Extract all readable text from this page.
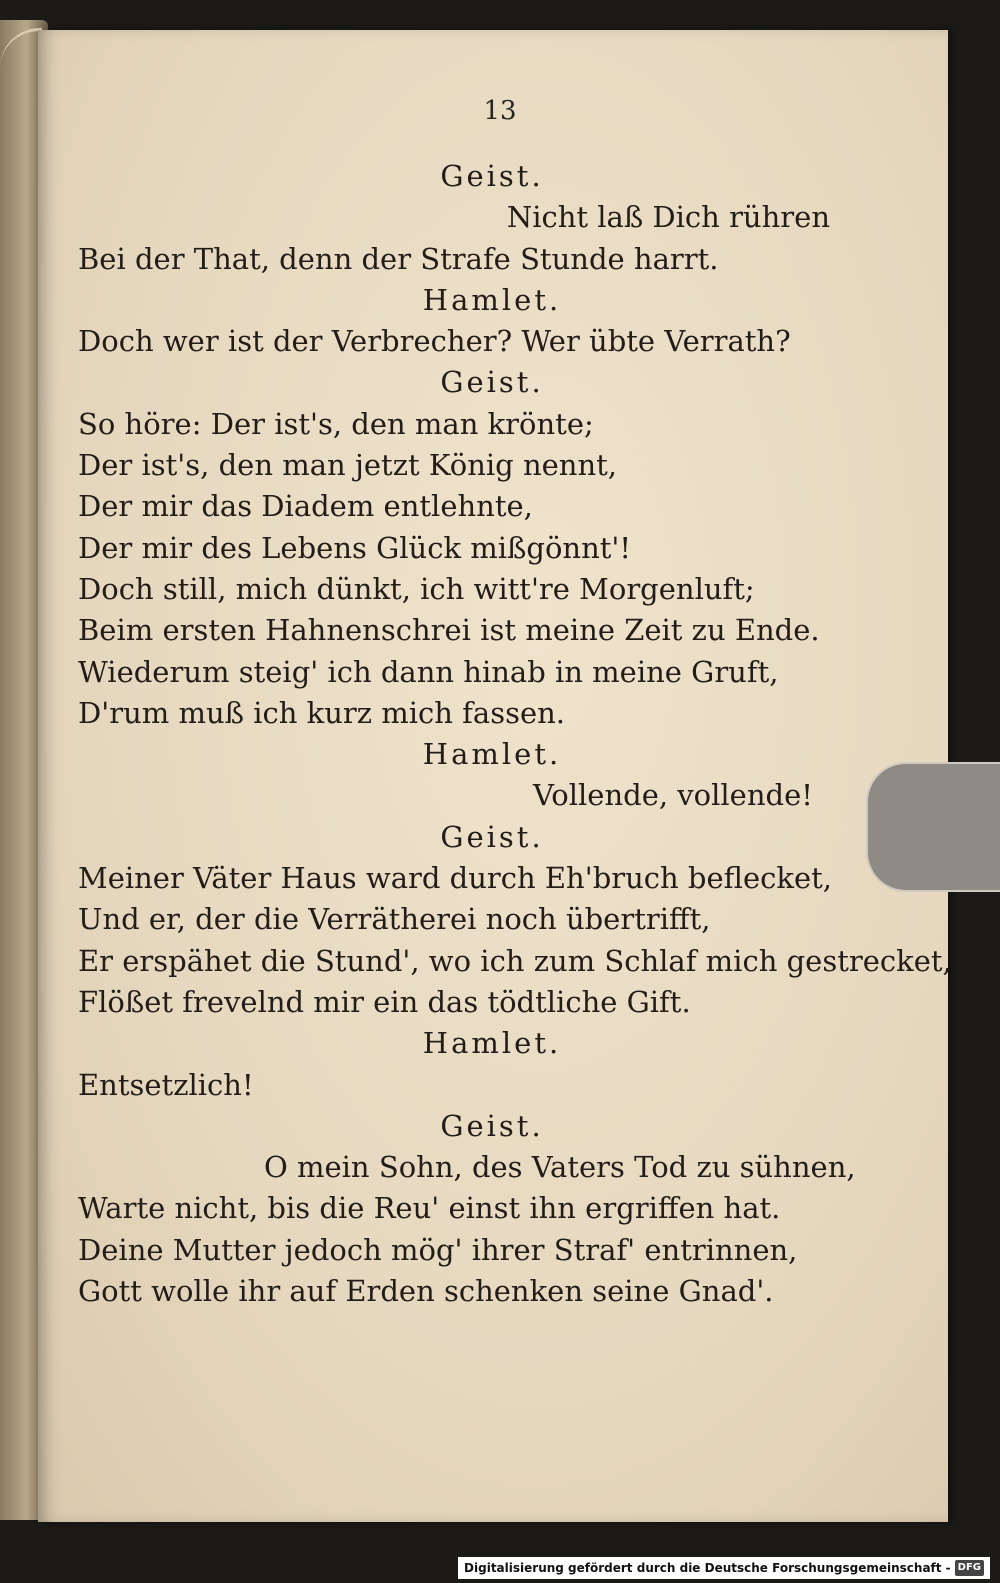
13
Geist.
Nicht laß Dich rühren
Bei der That, denn der Strafe Stunde harrt.
Hamlet.
Doch wer ist der Verbrecher? Wer übte Verrath?
Geist.
So höre: Der ist's, den man krönte;
Der ist's, den man jetzt König nennt,
Der mir das Diadem entlehnte,
Der mir des Lebens Glück mißgönnt'!
Doch still, mich dünkt, ich witt're Morgenluft;
Beim ersten Hahnenschrei ist meine Zeit zu Ende.
Wiederum steig' ich dann hinab in meine Gruft,
D'rum muß ich kurz mich fassen.
Hamlet.
Vollende, vollende!
Geist.
Meiner Väter Haus ward durch Eh'bruch beflecket,
Und er, der die Verrätherei noch übertrifft,
Er erspähet die Stund', wo ich zum Schlaf mich gestrecket,
Flößet frevelnd mir ein das tödtliche Gift.
Hamlet.
Entsetzlich!
Geist.
O mein Sohn, des Vaters Tod zu sühnen,
Warte nicht, bis die Reu' einst ihn ergriffen hat.
Deine Mutter jedoch mög' ihrer Straf' entrinnen,
Gott wolle ihr auf Erden schenken seine Gnad'.
Digitalisierung gefördert durch die Deutsche Forschungsgemeinschaft - DFG
